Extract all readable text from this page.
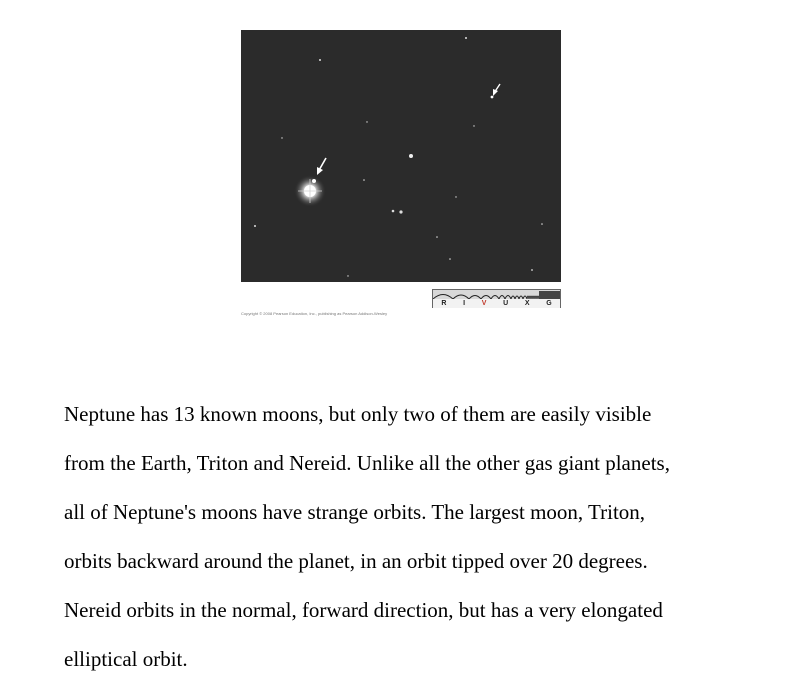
R I V U X G
Copyright © 2008 Pearson Education, Inc., publishing as Pearson Addison-Wesley

Neptune has 13 known moons, but only two of them are easily visible

from the Earth, Triton and Nereid. Unlike all the other gas giant planets,

all of Neptune's moons have strange orbits. The largest moon, Triton,

orbits backward around the planet, in an orbit tipped over 20 degrees.

Nereid orbits in the normal, forward direction, but has a very elongated

elliptical orbit.
